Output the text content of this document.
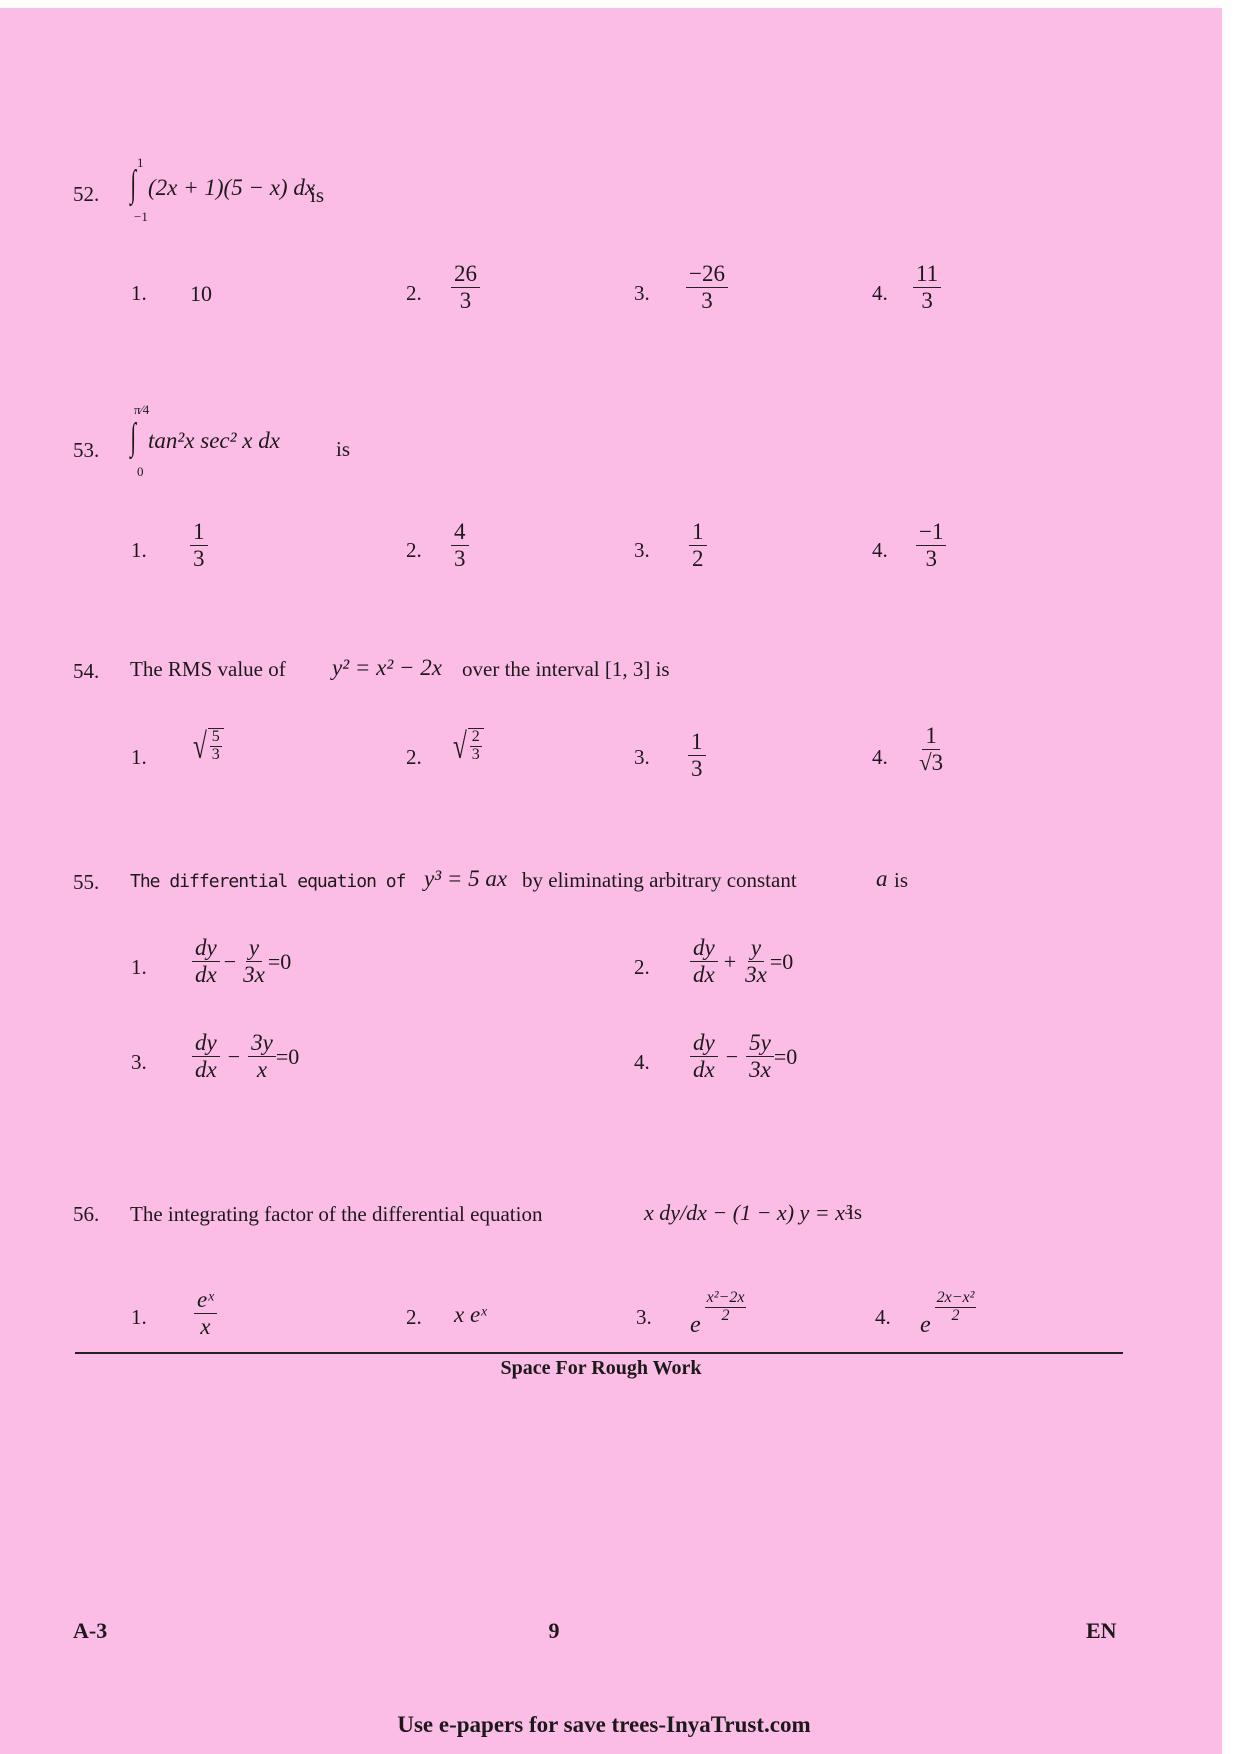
52.
1
∫ (2x + 1)(5 − x) dx
−1
is
1. 10	2. $\frac{26}{3}$	3. $\frac{-26}{3}$	4. $\frac{11}{3}$
53.
π⁄4
∫ tan²x sec² x dx
0
is
1. $\frac{1}{3}$	2. $\frac{4}{3}$	3. $\frac{1}{2}$	4. $\frac{-1}{3}$
54. The RMS value of y² = x² − 2x over the interval [1, 3] is
1. √ 5
3	2. √ 2
3	3. $\frac{1}{3}$	4. $\frac{1}{√3}$
55. The differential equation of y³ = 5 ax by eliminating arbitrary constant	a is
1. $\frac{dy}{dx} - \frac{y}{3x} =0$	2. $\frac{dy}{dx} + \frac{y}{3x} =0$
3. $\frac{dy}{dx} - \frac{3y}{x} =0$	4. $\frac{dy}{dx} - \frac{5y}{3x} =0$
56. The integrating factor of the differential equation	x dy/dx − (1 − x) y = x³
is
1. $\frac{\text{eˣ}}{x}$	2. x eˣ	3. e
x²−2x
2	4. e
2x−x²
2
Space For Rough Work
A-3	9	EN
Use e-papers for save trees-InyaTrust.com
